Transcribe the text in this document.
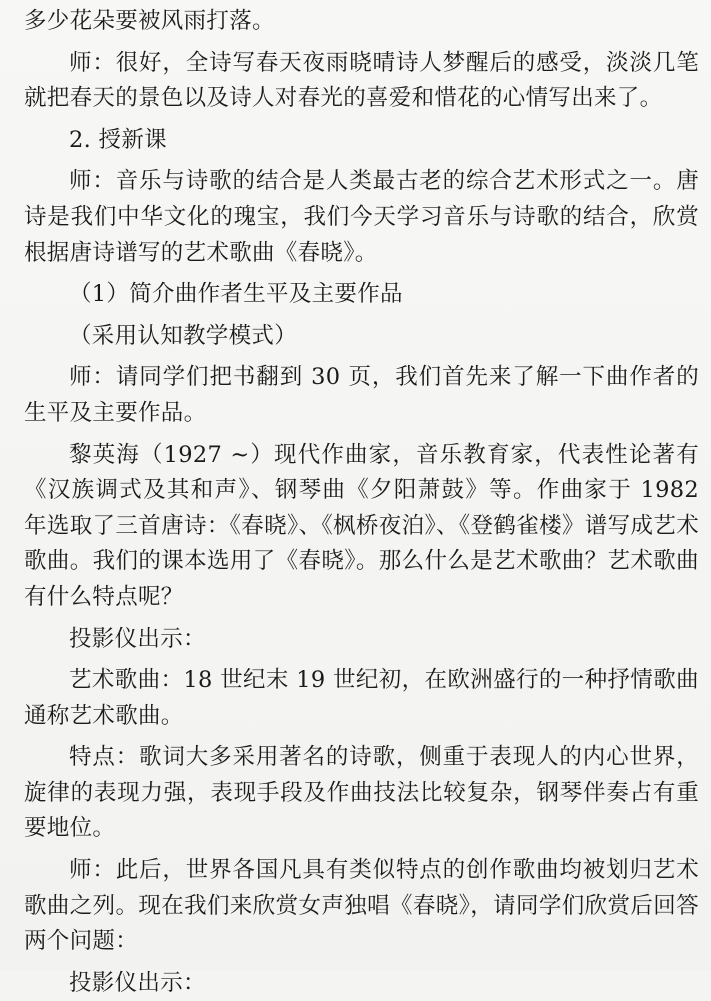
多少花朵要被风雨打落。

师：很好，全诗写春天夜雨晓晴诗人梦醒后的感受，淡淡几笔就把春天的景色以及诗人对春光的喜爱和惜花的心情写出来了。

2. 授新课

师：音乐与诗歌的结合是人类最古老的综合艺术形式之一。唐诗是我们中华文化的瑰宝，我们今天学习音乐与诗歌的结合，欣赏根据唐诗谱写的艺术歌曲《春晓》。

（1）简介曲作者生平及主要作品

（采用认知教学模式）

师：请同学们把书翻到 30 页，我们首先来了解一下曲作者的生平及主要作品。

黎英海（1927 ~）现代作曲家，音乐教育家，代表性论著有《汉族调式及其和声》、钢琴曲《夕阳萧鼓》等。作曲家于 1982 年选取了三首唐诗：《春晓》、《枫桥夜泊》、《登鹤雀楼》谱写成艺术歌曲。我们的课本选用了《春晓》。那么什么是艺术歌曲？艺术歌曲有什么特点呢？

投影仪出示：

艺术歌曲：18 世纪末 19 世纪初，在欧洲盛行的一种抒情歌曲通称艺术歌曲。

特点：歌词大多采用著名的诗歌，侧重于表现人的内心世界，旋律的表现力强，表现手段及作曲技法比较复杂，钢琴伴奏占有重要地位。

师：此后，世界各国凡具有类似特点的创作歌曲均被划归艺术歌曲之列。现在我们来欣赏女声独唱《春晓》，请同学们欣赏后回答两个问题：

投影仪出示：
